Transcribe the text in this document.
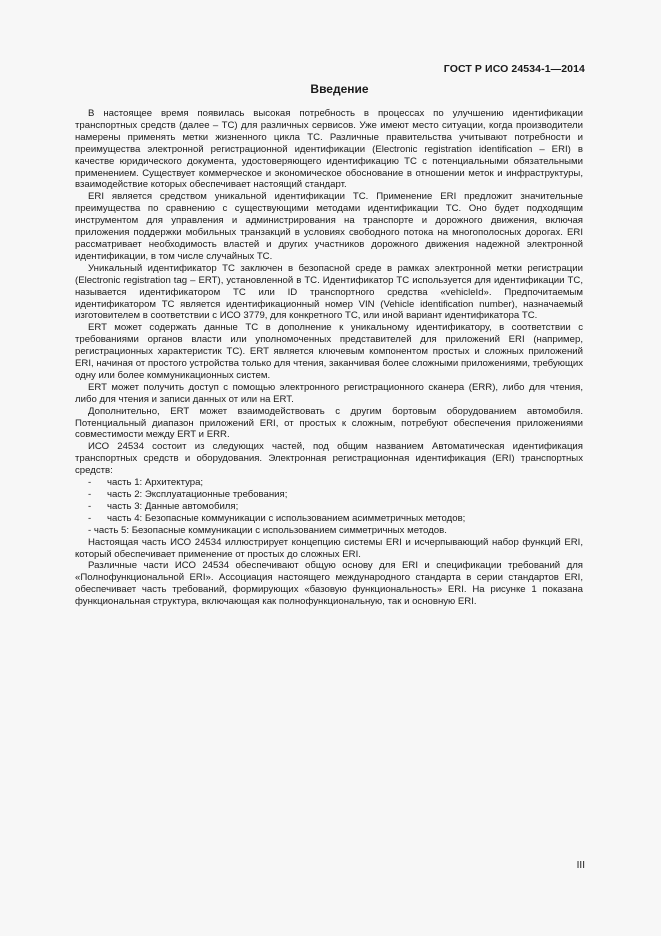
ГОСТ Р ИСО 24534-1—2014
Введение

В настоящее время появилась высокая потребность в процессах по улучшению идентификации транспортных средств (далее – ТС) для различных сервисов. Уже имеют место ситуации, когда производители намерены применять метки жизненного цикла ТС. Различные правительства учитывают потребности и преимущества электронной регистрационной идентификации (Electronic registration identification – ERI) в качестве юридического документа, удостоверяющего идентификацию ТС с потенциальными обязательными применением. Существует коммерческое и экономическое обоснование в отношении меток и инфраструктуры, взаимодействие которых обеспечивает настоящий стандарт.

ERI является средством уникальной идентификации ТС. Применение ERI предложит значительные преимущества по сравнению с существующими методами идентификации ТС. Оно будет подходящим инструментом для управления и администрирования на транспорте и дорожного движения, включая приложения поддержки мобильных транзакций в условиях свободного потока на многополосных дорогах. ERI рассматривает необходимость властей и других участников дорожного движения надежной электронной идентификации, в том числе случайных ТС.

Уникальный идентификатор ТС заключен в безопасной среде в рамках электронной метки регистрации (Electronic registration tag – ERT), установленной в ТС. Идентификатор ТС используется для идентификации ТС, называется идентификатором ТС или ID транспортного средства «vehicleId». Предпочитаемым идентификатором ТС является идентификационный номер VIN (Vehicle identification number), назначаемый изготовителем в соответствии с ИСО 3779, для конкретного ТС, или иной вариант идентификатора ТС.

ERT может содержать данные ТС в дополнение к уникальному идентификатору, в соответствии с требованиями органов власти или уполномоченных представителей для приложений ERI (например, регистрационных характеристик ТС). ERT является ключевым компонентом простых и сложных приложений ERI, начиная от простого устройства только для чтения, заканчивая более сложными приложениями, требующих одну или более коммуникационных систем.

ERT может получить доступ с помощью электронного регистрационного сканера (ERR), либо для чтения, либо для чтения и записи данных от или на ERT.

Дополнительно, ERT может взаимодействовать с другим бортовым оборудованием автомобиля. Потенциальный диапазон приложений ERI, от простых к сложным, потребуют обеспечения приложениями совместимости между ERT и ERR.

ИСО 24534 состоит из следующих частей, под общим названием Автоматическая идентификация транспортных средств и оборудования. Электронная регистрационная идентификация (ERI) транспортных средств:

- часть 1: Архитектура;

- часть 2: Эксплуатационные требования;

- часть 3: Данные автомобиля;

- часть 4: Безопасные коммуникации с использованием асимметричных методов;

- часть 5: Безопасные коммуникации с использованием симметричных методов.

Настоящая часть ИСО 24534 иллюстрирует концепцию системы ERI и исчерпывающий набор функций ERI, который обеспечивает применение от простых до сложных ERI.

Различные части ИСО 24534 обеспечивают общую основу для ERI и спецификации требований для «Полнофункциональной ERI». Ассоциация настоящего международного стандарта в серии стандартов ERI, обеспечивает часть требований, формирующих «базовую функциональность» ERI. На рисунке 1 показана функциональная структура, включающая как полнофункциональную, так и основную ERI.

III
